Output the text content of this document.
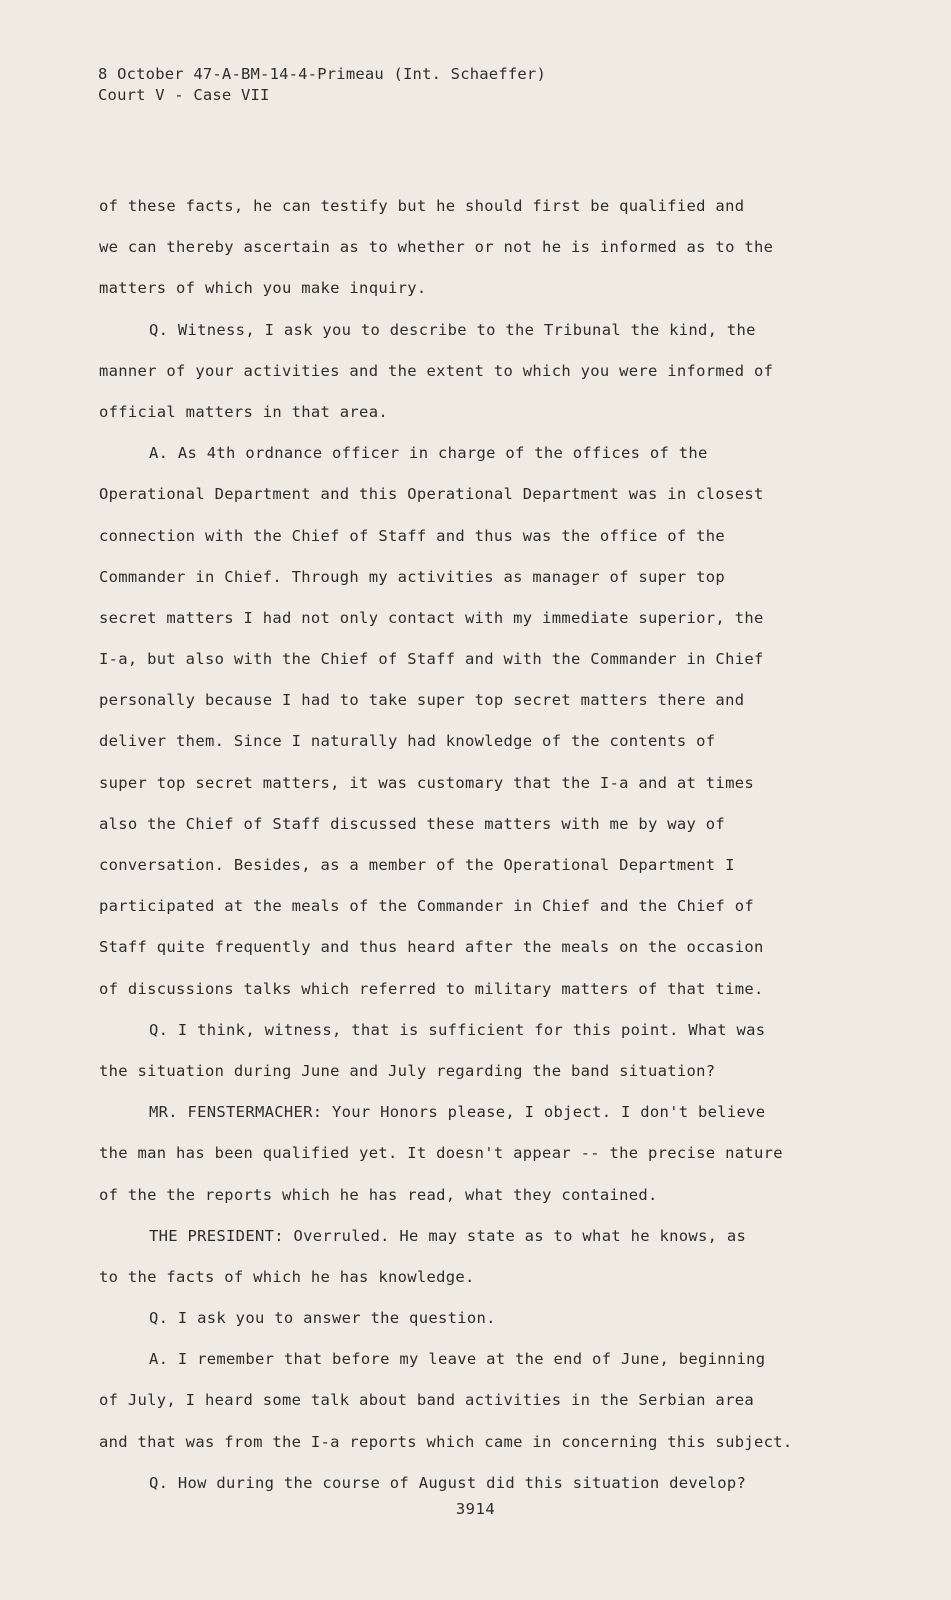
8 October 47-A-BM-14-4-Primeau (Int. Schaeffer)
Court V - Case VII
of these facts, he can testify but he should first be qualified and
we can thereby ascertain as to whether or not he is informed as to the
matters of which you make inquiry.
Q. Witness, I ask you to describe to the Tribunal the kind, the
manner of your activities and the extent to which you were informed of
official matters in that area.
A. As 4th ordnance officer in charge of the offices of the
Operational Department and this Operational Department was in closest
connection with the Chief of Staff and thus was the office of the
Commander in Chief. Through my activities as manager of super top
secret matters I had not only contact with my immediate superior, the
I-a, but also with the Chief of Staff and with the Commander in Chief
personally because I had to take super top secret matters there and
deliver them. Since I naturally had knowledge of the contents of
super top secret matters, it was customary that the I-a and at times
also the Chief of Staff discussed these matters with me by way of
conversation. Besides, as a member of the Operational Department I
participated at the meals of the Commander in Chief and the Chief of
Staff quite frequently and thus heard after the meals on the occasion
of discussions talks which referred to military matters of that time.
Q. I think, witness, that is sufficient for this point. What was
the situation during June and July regarding the band situation?
MR. FENSTERMACHER: Your Honors please, I object. I don't believe
the man has been qualified yet. It doesn't appear -- the precise nature
of the the reports which he has read, what they contained.
THE PRESIDENT: Overruled. He may state as to what he knows, as
to the facts of which he has knowledge.
Q. I ask you to answer the question.
A. I remember that before my leave at the end of June, beginning
of July, I heard some talk about band activities in the Serbian area
and that was from the I-a reports which came in concerning this subject.
Q. How during the course of August did this situation develop?
3914
